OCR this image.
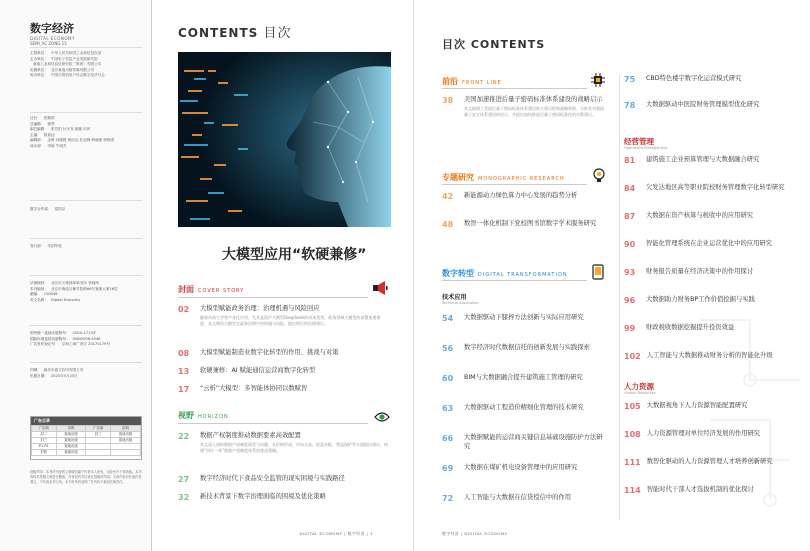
数字经济
DIGITAL ECONOMY
SEMI_AC ZONG 15
主管单位： 中华人民共和国工业和信息化部
主办单位： 中国电子信息产业发展研究院
赛迪工业和信息化研究院（集团）有限公司
出版单位： 北京赛迪出版传媒有限公司
协办单位： 中国计算机用户协会数字经济分会
社长： 张勤惟
总编辑： 谢琴
副总编辑： 张芳阳 付永发 姚娜 田萍
主编： 陈琼达
编辑部： 金辉 孙德媛 杨纪达 杜加梅 韩晓燕 郭梅清
设计部： 李晓 牛明杰
数字合作部： 葛国臣
发行部： 朱国军庭
法律顾问： 北京市天维律师事务所 李晓炜
本刊地址： 北京市海淀区紫竹院路66号赛迪大厦16层
邮编： 100048
英文名称： Digital Economy
国内统一连续出版物号： CN10-1713/F
国际标准连续出版物号： ISSN2096-9546
广告发布登记号： 京海工商广登字 20170179号
印刷： 廊坊市盛文彩印有限公司
出版日期： 2025年5月25日
广告目录
广告商	页码	广告商	页码
封二	赛迪出版	封三	赛迪出版
封三	赛迪出版		赛迪出版
P1-P2	赛迪出版		
封底	赛迪出版		
投稿声明：本刊所刊登的文章版权属于作者本人所有，未经允许不得转载。本刊有权对投稿文章进行删改，作者如有异议请在投稿时声明。文章内容仅代表作者观点，不代表本刊立场。本刊对所刊登的广告内容不承担法律责任。
CONTENTS 目次
大模型应用“软硬兼修”
封面 COVER STORY
02	大模型赋能政务治理：治理机遇与风险回应
随着东南大学等产业化应用，尤其是国产大模型DeepSeek的成本优势，政务领域大模型的部署加速推进，本文聚焦大模型在政务治理中的机遇与风险，提出相应的治理建议。
08	大模型赋能制造业数字化转型的作用、挑战与对策
13	软硬兼修：AI 赋能通信运营商数字化转型
17	“云析”大模型：多智能体协同以数赋智
视野 HORIZON
22	数据产权制度推动数据要素高效配置
本文深入剖析数据产权制度现状与问题，从价格形成、市场交易、收益分配、利益保护等方面提出建议，构建“四位一体”数据产权制度体系的推进策略。
27	数字经济时代下食品安全监管的现实困境与实践路径
32	新技术背景下数字治理面临的困境及优化策略
DIGITAL ECONOMY | 数字经济 | 1
目次 CONTENTS
前沿 FRONT LINE
38	美国加速推进后量子密码标准体系建设的战略启示
本文梳理了美国后量子密码标准体系建设的主要历程和战略举措，分析其对我国量子安全体系建设的启示，并提出加快推进后量子密码标准化的对策建议。
专题研究 MONOGRAPHIC RESEARCH
42	新能源动力绿色算力中心发展的趋势分析
48	数智一体化机制下党校图书馆数字学术服务研究
数字转型 DIGITAL TRANSFORMATION
技术应用
Technical Application
54	大数据驱动下膝梓方法创新与实际应用研究
56	数字经济时代数据信托的创新发展与实践探索
60	BIM与大数据融合提升建筑施工管理的研究
63	大数据驱动工程造价精细化管理的技术研究
66	大数据赋能的运营商关键信息基础设施防护方法研究
69	大数据在煤矿机电设备管理中的应用研究
72	人工智能与大数据在信贷授信中的作用
75	CBD特色楼宇数字化运营模式研究
78	大数据驱动中医院财务管理模型优化研究
经营管理
Operations Management
81	建筑施工企业预算管理与大数据融合研究
84	欠发达地区高等职业院校财务管理数字化转型研究
87	大数据在资产核算与税收中的应用研究
90	智能化管理系统在企业运营优化中的应用研究
93	财务报告质量在经济决策中的作用探讨
96	大数据助力财务BP工作价值挖掘与实践
99	财政税收数据挖掘提升投资效益
102 人工智能与大数据推动财务分析的智能化升级
人力资源
Human Resources
105 大数据视角下人力资源智能配置研究
108 人力资源管理对单位经济发展的作用研究
111 数智化驱动的人力资源管理人才培养创新研究
114 智能时代干部人才选拔机制的优化探讨
数字经济 | DIGITAL ECONOMY
